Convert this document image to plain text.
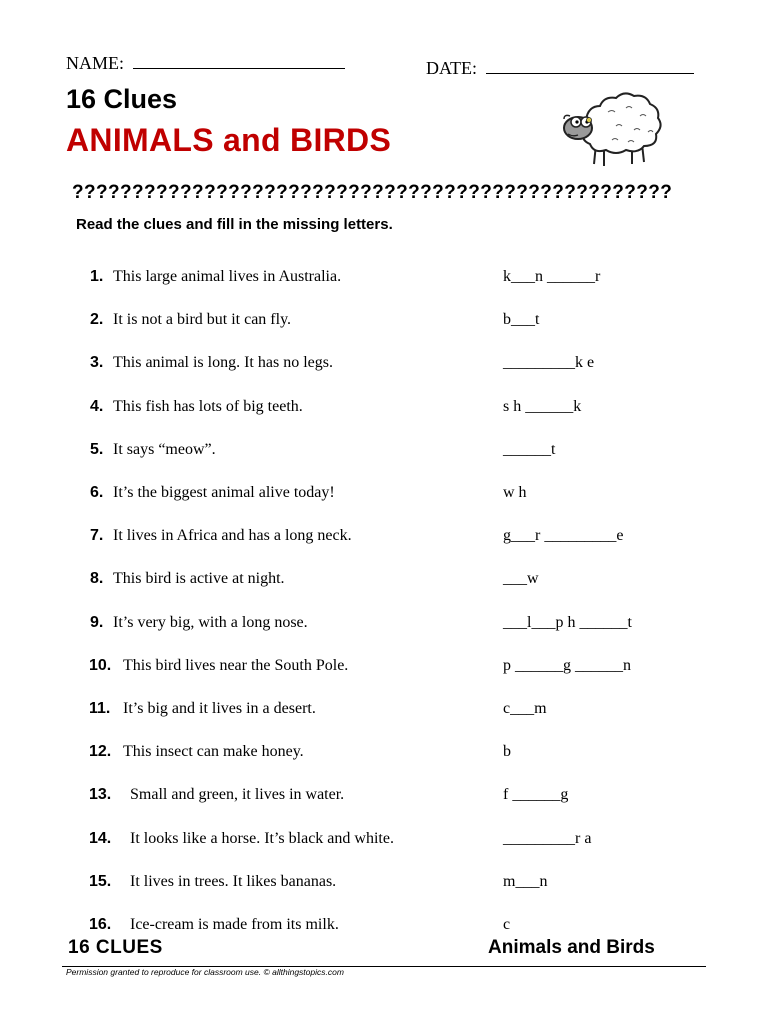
NAME:	DATE:
16 Clues
ANIMALS and BIRDS
??????????????????????????????????????????????????
Read the clues and fill in the missing letters.
1. This large animal lives in Australia.	k___n ______r
2. It is not a bird but it can fly.	b___t
3. This animal is long. It has no legs.	_________k e
4. This fish has lots of big teeth.	s h ______k
5. It says “meow”.	______t
6. It’s the biggest animal alive today!	w h
7. It lives in Africa and has a long neck.	g___r _________e
8. This bird is active at night.	___w
9. It’s very big, with a long nose.	___l___p h ______t
10. This bird lives near the South Pole.	p ______g ______n
11. It’s big and it lives in a desert.	c___m
12. This insect can make honey.	b
13. Small and green, it lives in water.	f ______g
14. It looks like a horse. It’s black and white.	_________r a
15. It lives in trees. It likes bananas.	m___n
16. Ice-cream is made from its milk.	c
16 CLUES	Animals and Birds
Permission granted to reproduce for classroom use. © allthingstopics.com
